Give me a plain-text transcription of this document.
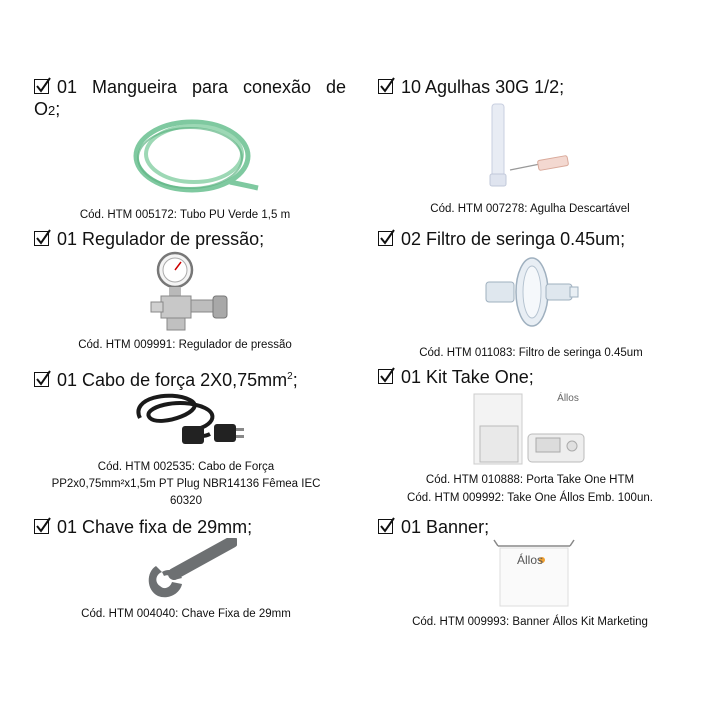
01 Mangueira para conexão de
O2;
Cód. HTM 005172: Tubo PU Verde 1,5 m
10 Agulhas 30G 1/2;
Cód. HTM 007278: Agulha Descartável
01 Regulador de pressão;
Cód. HTM 009991: Regulador de pressão
02 Filtro de seringa 0.45um;
Cód. HTM 011083: Filtro de seringa 0.45um
01 Cabo de força $2X0,75mm^2$;
Cód. HTM 002535: Cabo de Força
PP2x0,75mm²x1,5m PT Plug NBR14136 Fêmea IEC
60320
01 Kit Take One;
Állos
Cód. HTM 010888: Porta Take One HTM
Cód. HTM 009992: Take One Állos Emb. 100un.
01 Chave fixa de 29mm;
Cód. HTM 004040: Chave Fixa de 29mm
01 Banner;
Állos
Cód. HTM 009993: Banner Állos Kit Marketing
